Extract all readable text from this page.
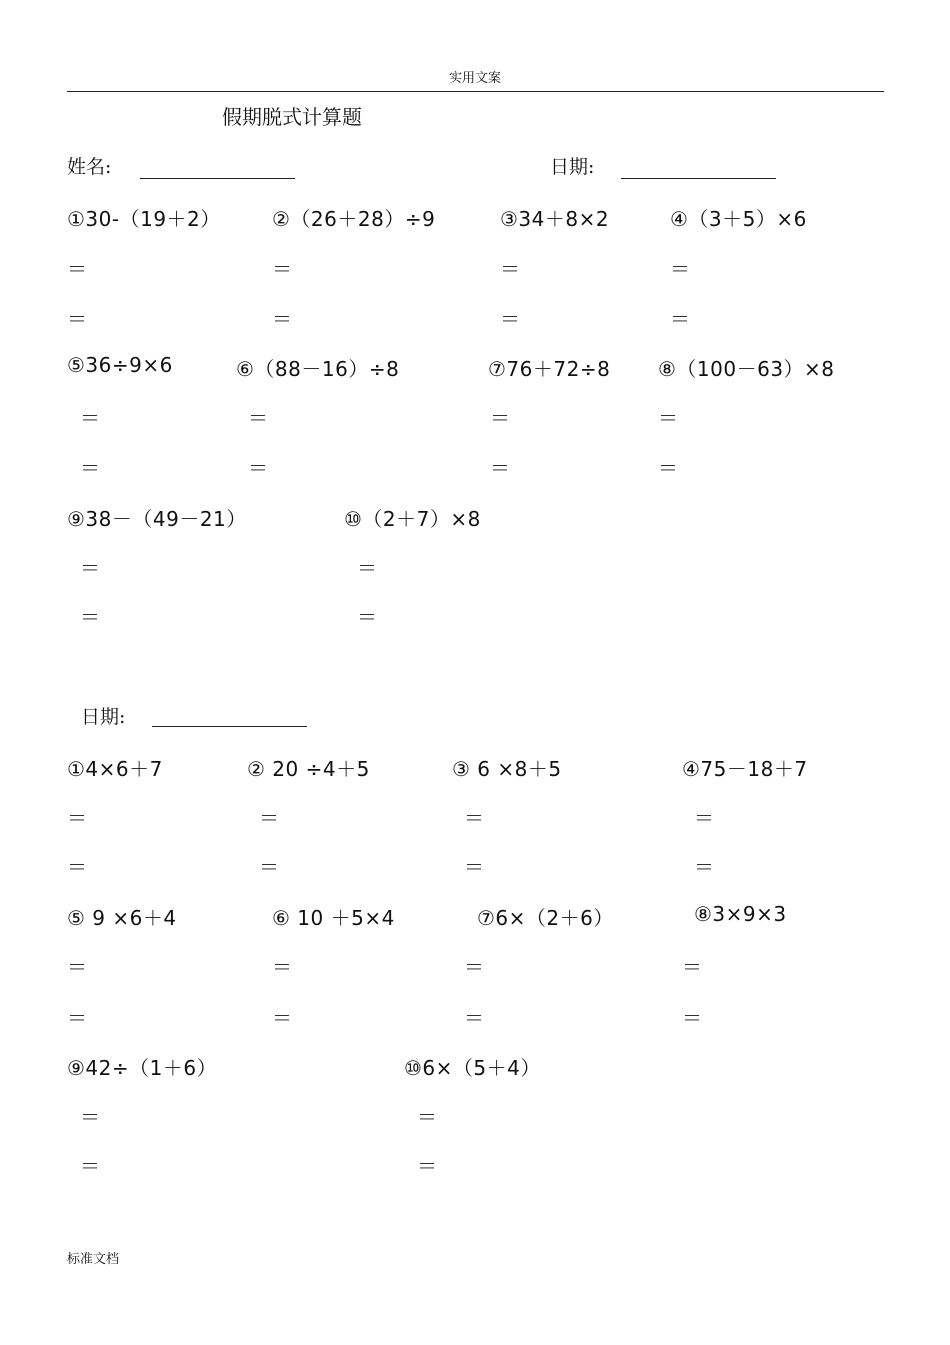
实用文案
假期脱式计算题
姓名:	日期:
①30-（19＋2）	②（26＋28）÷9	③34＋8×2	④（3＋5）×6
＝	＝	＝	＝
＝	＝	＝	＝
⑤36÷9×6	⑥（88－16）÷8	⑦76＋72÷8 ⑧（100－63）×8
＝	＝	＝	＝
＝	＝	＝	＝
⑨38－（49－21）	⑩（2＋7）×8
＝	＝
＝	＝
日期:
①4×6＋7	② 20 ÷4＋5	③ 6 ×8＋5	④75－18＋7
＝	＝	＝	＝
＝	＝	＝	＝
⑤ 9 ×6＋4	⑥ 10 ＋5×4	⑦6×（2＋6）	⑧3×9×3
＝	＝	＝	＝
＝	＝	＝	＝
⑨42÷（1＋6）	⑩6×（5＋4）
＝	＝
＝	＝
标准文档
